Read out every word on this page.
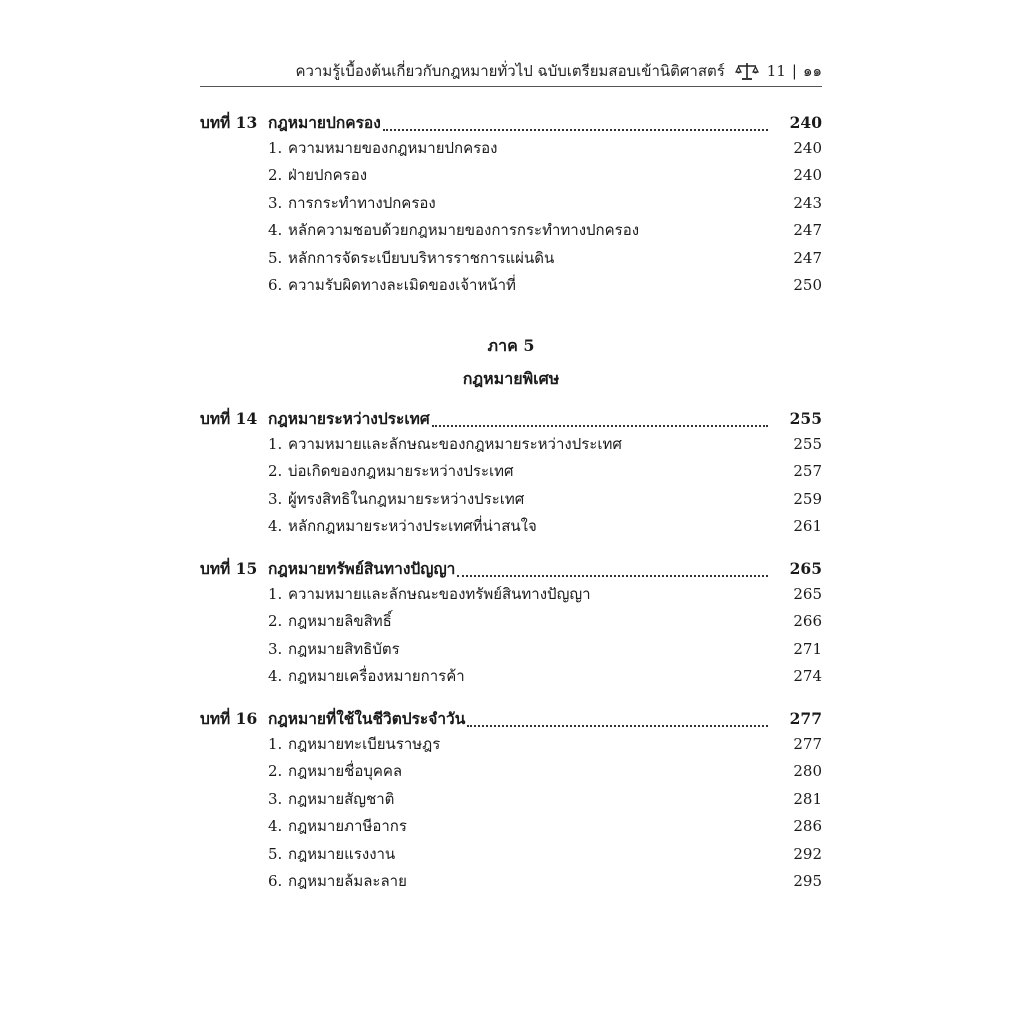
ความรู้เบื้องต้นเกี่ยวกับกฎหมายทั่วไป ฉบับเตรียมสอบเข้านิติศาสตร์	11 | ๑๑
บทที่ 13 กฎหมายปกครอง	240
1. ความหมายของกฎหมายปกครอง	240
2. ฝ่ายปกครอง	240
3. การกระทำทางปกครอง	243
4. หลักความชอบด้วยกฎหมายของการกระทำทางปกครอง	247
5. หลักการจัดระเบียบบริหารราชการแผ่นดิน	247
6. ความรับผิดทางละเมิดของเจ้าหน้าที่	250
ภาค 5
กฎหมายพิเศษ
บทที่ 14 กฎหมายระหว่างประเทศ	255
1. ความหมายและลักษณะของกฎหมายระหว่างประเทศ	255
2. บ่อเกิดของกฎหมายระหว่างประเทศ	257
3. ผู้ทรงสิทธิในกฎหมายระหว่างประเทศ	259
4. หลักกฎหมายระหว่างประเทศที่น่าสนใจ	261
บทที่ 15 กฎหมายทรัพย์สินทางปัญญา	265
1. ความหมายและลักษณะของทรัพย์สินทางปัญญา	265
2. กฎหมายลิขสิทธิ์	266
3. กฎหมายสิทธิบัตร	271
4. กฎหมายเครื่องหมายการค้า	274
บทที่ 16 กฎหมายที่ใช้ในชีวิตประจำวัน	277
1. กฎหมายทะเบียนราษฎร	277
2. กฎหมายชื่อบุคคล	280
3. กฎหมายสัญชาติ	281
4. กฎหมายภาษีอากร	286
5. กฎหมายแรงงาน	292
6. กฎหมายล้มละลาย	295
